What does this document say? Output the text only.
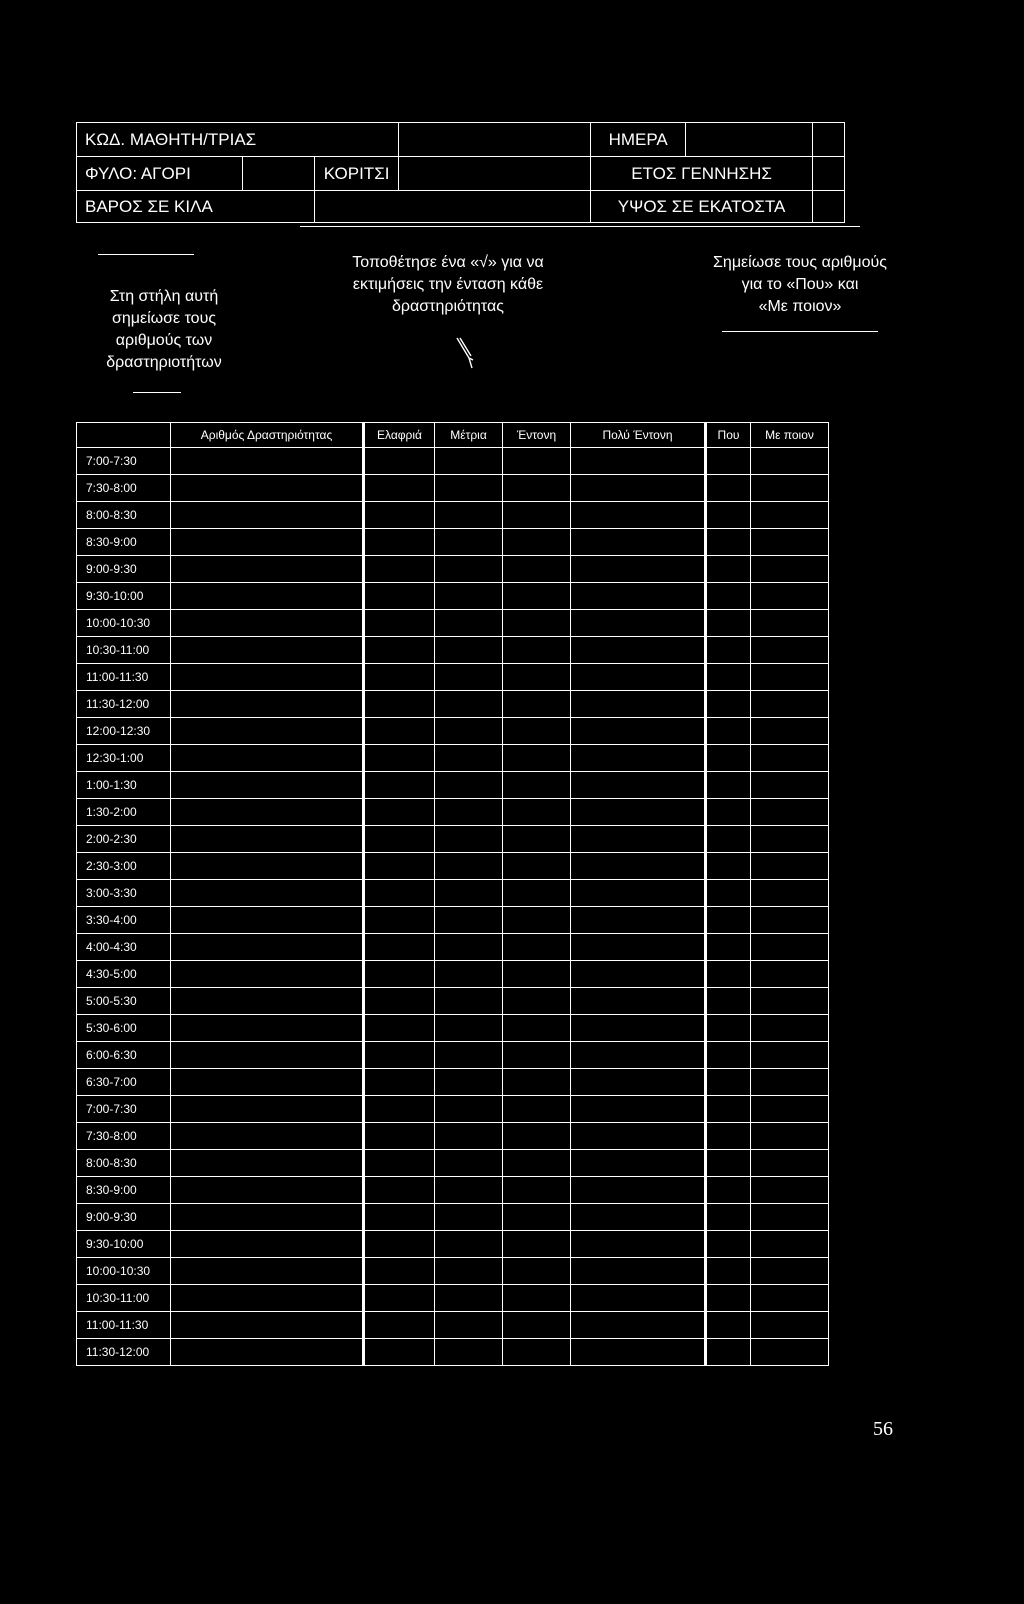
ΚΩΔ. ΜΑΘΗΤΗ/ΤΡΙΑΣ				ΗΜΕΡΑ		
ΦΥΛΟ: ΑΓΟΡΙ		ΚΟΡΙΤΣΙ		ΕΤΟΣ ΓΕΝΝΗΣΗΣ		
ΒΑΡΟΣ ΣΕ ΚΙΛΑ				ΥΨΟΣ ΣΕ ΕΚΑΤΟΣΤΑ		
Στη στήλη αυτή
σημείωσε τους
αριθμούς των
δραστηριοτήτων
Τοποθέτησε ένα «√» για να
εκτιμήσεις την ένταση κάθε
δραστηριότητας
Σημείωσε τους αριθμούς
για το «Που» και
«Με ποιον»
	Αριθμός Δραστηριότητας	Ελαφριά	Μέτρια	Έντονη	Πολύ Έντονη	Που	Με ποιον
7:00-7:30							
7:30-8:00							
8:00-8:30							
8:30-9:00							
9:00-9:30							
9:30-10:00							
10:00-10:30							
10:30-11:00							
11:00-11:30							
11:30-12:00							
12:00-12:30							
12:30-1:00							
1:00-1:30							
1:30-2:00							
2:00-2:30							
2:30-3:00							
3:00-3:30							
3:30-4:00							
4:00-4:30							
4:30-5:00							
5:00-5:30							
5:30-6:00							
6:00-6:30							
6:30-7:00							
7:00-7:30							
7:30-8:00							
8:00-8:30							
8:30-9:00							
9:00-9:30							
9:30-10:00							
10:00-10:30							
10:30-11:00							
11:00-11:30							
11:30-12:00							
56
